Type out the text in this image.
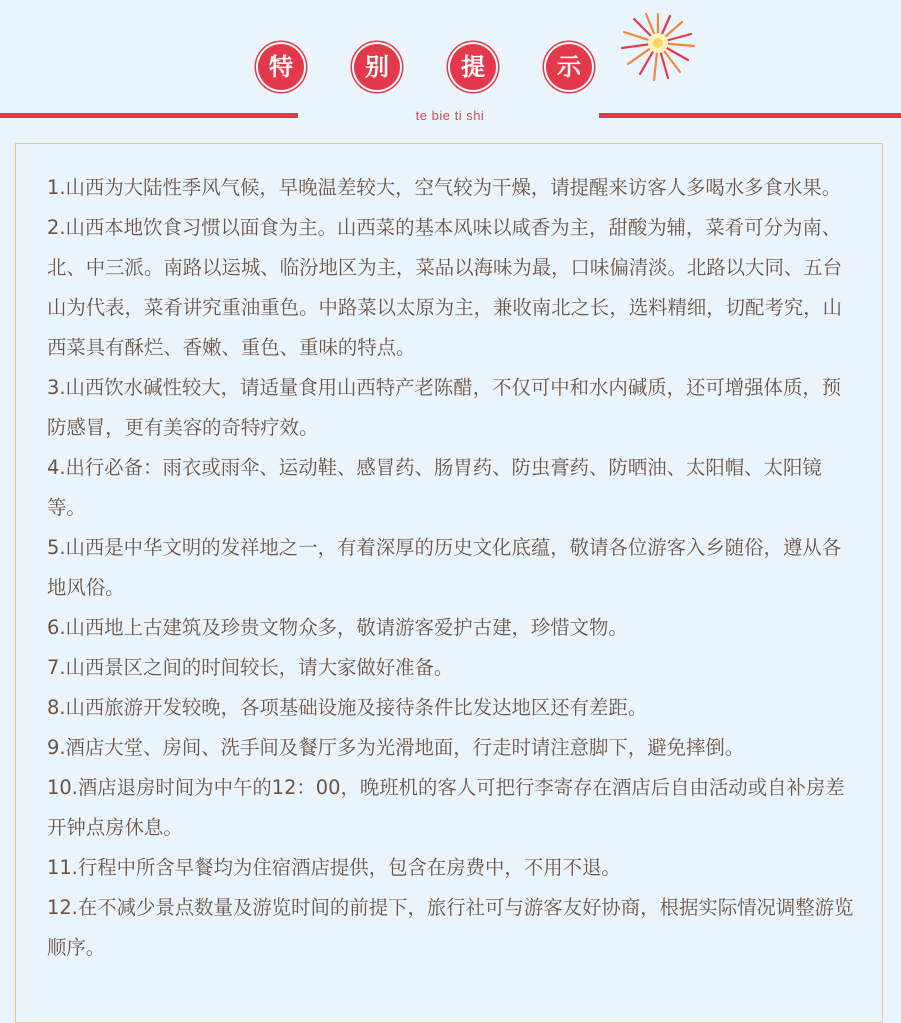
特	别	提	示
te bie ti shi
1.山西为大陆性季风气候，早晚温差较大，空气较为干燥，请提醒来访客人多喝水多食水果。
2.山西本地饮食习惯以面食为主。山西菜的基本风味以咸香为主，甜酸为辅，菜肴可分为南、北、中三派。南路以运城、临汾地区为主，菜品以海味为最，口味偏清淡。北路以大同、五台山为代表，菜肴讲究重油重色。中路菜以太原为主，兼收南北之长，选料精细，切配考究，山西菜具有酥烂、香嫩、重色、重味的特点。
3.山西饮水碱性较大，请适量食用山西特产老陈醋，不仅可中和水内碱质，还可增强体质，预防感冒，更有美容的奇特疗效。
4.出行必备：雨衣或雨伞、运动鞋、感冒药、肠胃药、防虫膏药、防晒油、太阳帽、太阳镜等。
5.山西是中华文明的发祥地之一，有着深厚的历史文化底蕴，敬请各位游客入乡随俗，遵从各地风俗。
6.山西地上古建筑及珍贵文物众多，敬请游客爱护古建，珍惜文物。
7.山西景区之间的时间较长，请大家做好准备。
8.山西旅游开发较晚，各项基础设施及接待条件比发达地区还有差距。
9.酒店大堂、房间、洗手间及餐厅多为光滑地面，行走时请注意脚下，避免摔倒。
10.酒店退房时间为中午的12：00，晚班机的客人可把行李寄存在酒店后自由活动或自补房差开钟点房休息。
11.行程中所含早餐均为住宿酒店提供，包含在房费中，不用不退。
12.在不减少景点数量及游览时间的前提下，旅行社可与游客友好协商，根据实际情况调整游览顺序。
